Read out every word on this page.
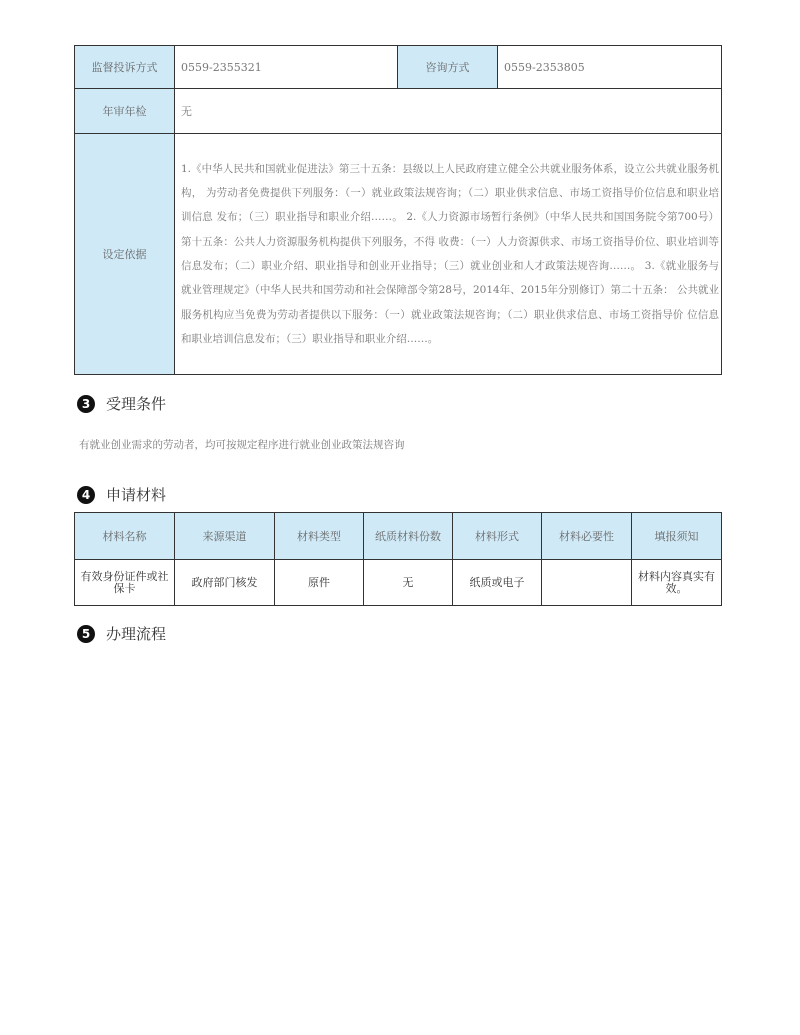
监督投诉方式	0559-2355321	咨询方式	0559-2353805
年审年检	无		
设定依据	1.《中华人民共和国就业促进法》第三十五条：县级以上人民政府建立健全公共就业服务体系，设立公共就业服务机构， 为劳动者免费提供下列服务：（一）就业政策法规咨询；（二）职业供求信息、市场工资指导价位信息和职业培训信息 发布；（三）职业指导和职业介绍……。 2.《人力资源市场暂行条例》（中华人民共和国国务院令第700号）第十五条：公共人力资源服务机构提供下列服务，不得 收费：（一）人力资源供求、市场工资指导价位、职业培训等信息发布；（二）职业介绍、职业指导和创业开业指导；（三）就业创业和人才政策法规咨询……。 3.《就业服务与就业管理规定》（中华人民共和国劳动和社会保障部令第28号，2014年、2015年分别修订）第二十五条： 公共就业服务机构应当免费为劳动者提供以下服务：（一）就业政策法规咨询；（二）职业供求信息、市场工资指导价 位信息和职业培训信息发布；（三）职业指导和职业介绍……。		
3	受理条件
有就业创业需求的劳动者，均可按规定程序进行就业创业政策法规咨询
4	申请材料
材料名称	来源渠道	材料类型	纸质材料份数	材料形式	材料必要性	填报须知
有效身份证件或社保卡	政府部门核发	原件	无	纸质或电子		材料内容真实有效。
5	办理流程
